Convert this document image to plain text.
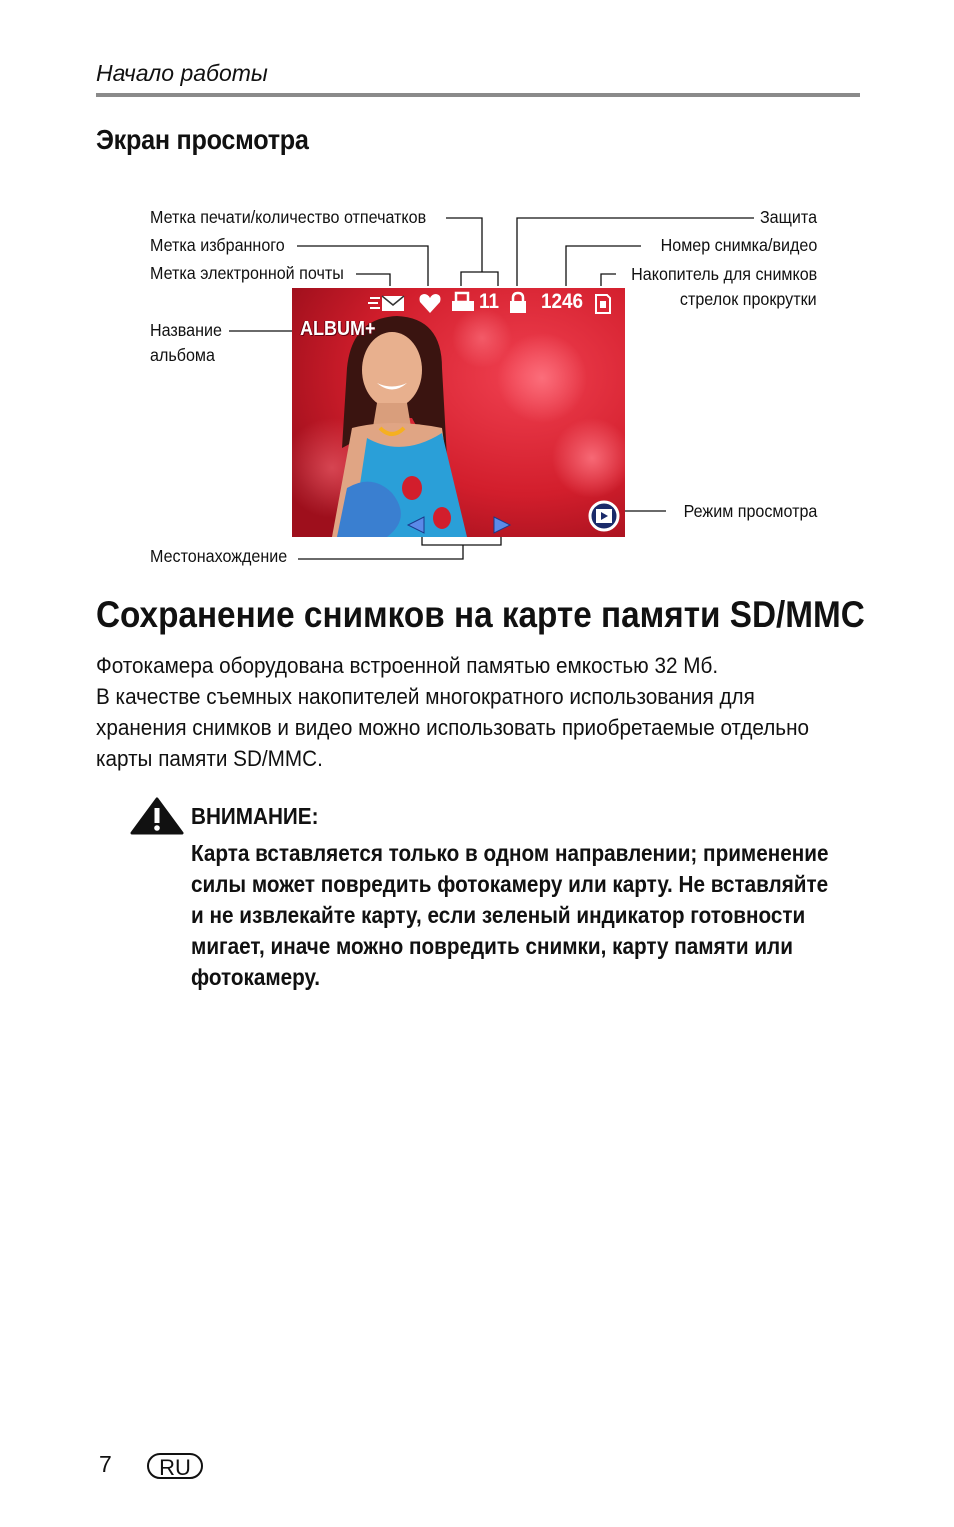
Начало работы
Экран просмотра
Метка печати/количество отпечатков
Метка избранного
Метка электронной почты
Название
альбома
Местонахождение
Защита
Номер снимка/видео
Накопитель для снимков
стрелок прокрутки
Режим просмотра
11 1246
ALBUM+
Сохранение снимков на карте памяти SD/MMC
Фотокамера оборудована встроенной памятью емкостью 32 Мб.
В качестве съемных накопителей многократного использования для
хранения снимков и видео можно использовать приобретаемые отдельно
карты памяти SD/MMC.
ВНИМАНИЕ:
Карта вставляется только в одном направлении; применение
силы может повредить фотокамеру или карту. Не вставляйте
и не извлекайте карту, если зеленый индикатор готовности
мигает, иначе можно повредить снимки, карту памяти или
фотокамеру.
7	RU
